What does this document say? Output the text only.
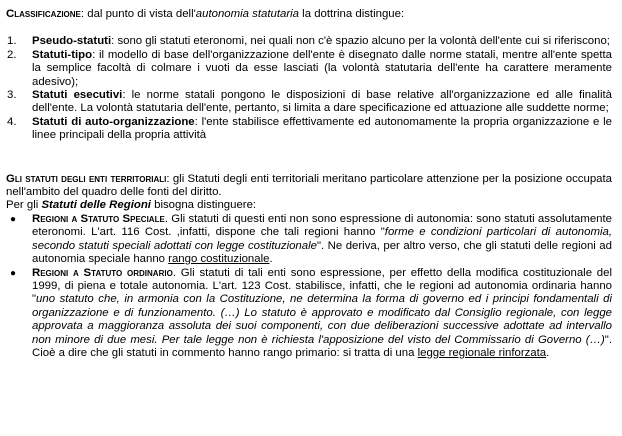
Classificazione: dal punto di vista dell'autonomia statutaria la dottrina distingue:
1. Pseudo-statuti: sono gli statuti eteronomi, nei quali non c'è spazio alcuno per la volontà dell'ente cui si riferiscono;
2. Statuti-tipo: il modello di base dell'organizzazione dell'ente è disegnato dalle norme statali, mentre all'ente spetta la semplice facoltà di colmare i vuoti da esse lasciati (la volontà statutaria dell'ente ha carattere meramente adesivo);
3. Statuti esecutivi: le norme statali pongono le disposizioni di base relative all'organizzazione ed alle finalità dell'ente. La volontà statutaria dell'ente, pertanto, si limita a dare specificazione ed attuazione alle suddette norme;
4. Statuti di auto-organizzazione: l'ente stabilisce effettivamente ed autonomamente la propria organizzazione e le linee principali della propria attività
Gli statuti degli enti territoriali: gli Statuti degli enti territoriali meritano particolare attenzione per la posizione occupata nell'ambito del quadro delle fonti del diritto.
Per gli Statuti delle Regioni bisogna distinguere:
● Regioni a Statuto Speciale. Gli statuti di questi enti non sono espressione di autonomia: sono statuti assolutamente eteronomi. L'art. 116 Cost. ,infatti, dispone che tali regioni hanno "forme e condizioni particolari di autonomia, secondo statuti speciali adottati con legge costituzionale". Ne deriva, per altro verso, che gli statuti delle regioni ad autonomia speciale hanno rango costituzionale.
● Regioni a Statuto ordinario. Gli statuti di tali enti sono espressione, per effetto della modifica costituzionale del 1999, di piena e totale autonomia. L'art. 123 Cost. stabilisce, infatti, che le regioni ad autonomia ordinaria hanno "uno statuto che, in armonia con la Costituzione, ne determina la forma di governo ed i principi fondamentali di organizzazione e di funzionamento. (…) Lo statuto è approvato e modificato dal Consiglio regionale, con legge approvata a maggioranza assoluta dei suoi componenti, con due deliberazioni successive adottate ad intervallo non minore di due mesi. Per tale legge non è richiesta l'apposizione del visto del Commissario di Governo (…)". Cioè a dire che gli statuti in commento hanno rango primario: si tratta di una legge regionale rinforzata.
